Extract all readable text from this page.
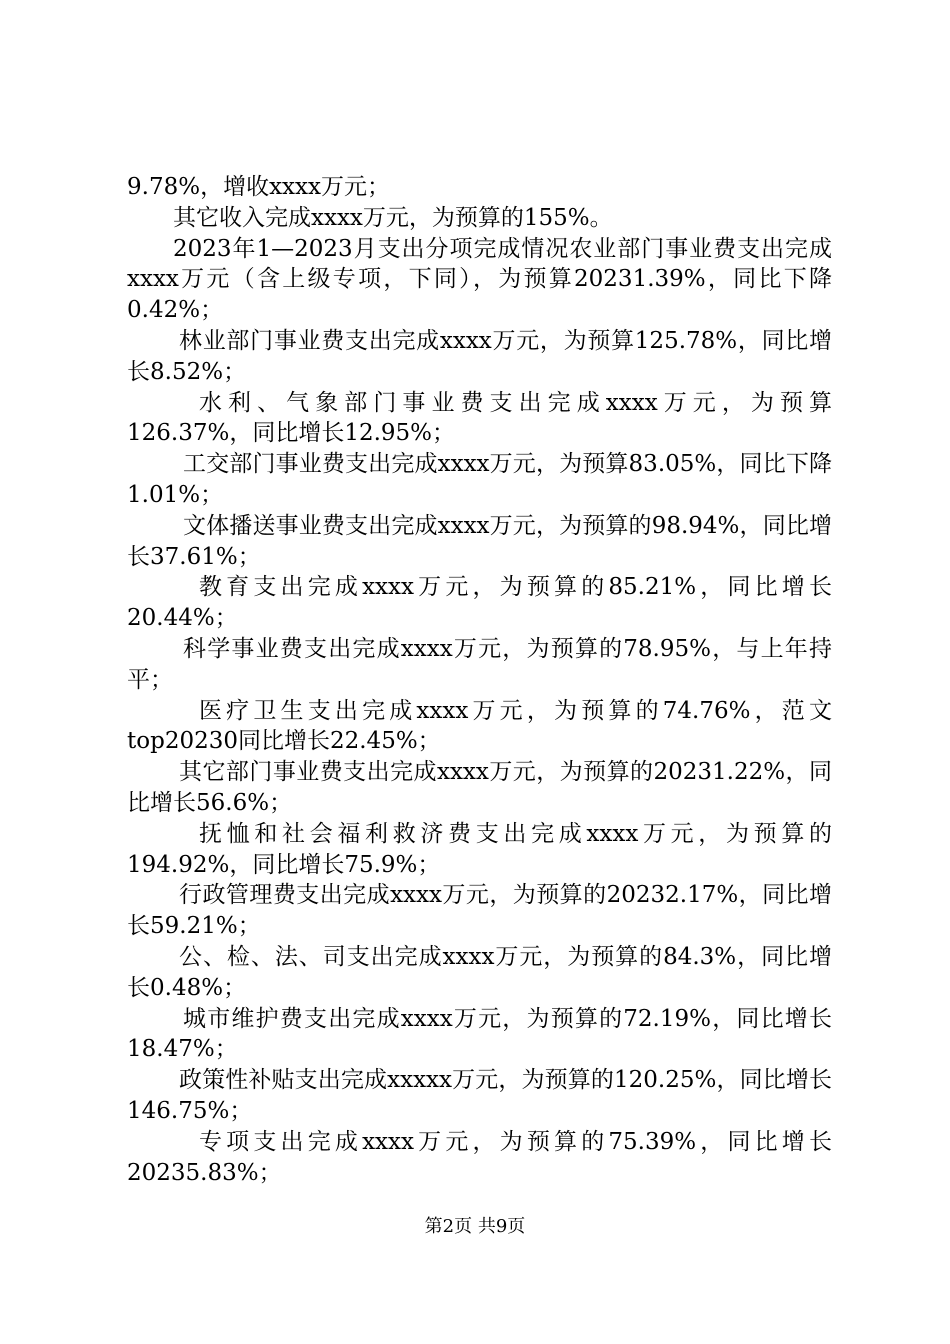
9.78%，增收xxxx万元；

其它收入完成xxxx万元，为预算的155%。

2023年1—2023月支出分项完成情况农业部门事业费支出完成xxxx万元（含上级专项，下同），为预算20231.39%，同比下降0.42%；

林业部门事业费支出完成xxxx万元，为预算125.78%，同比增长8.52%；

水利、气象部门事业费支出完成xxxx万元，为预算126.37%，同比增长12.95%；

工交部门事业费支出完成xxxx万元，为预算83.05%，同比下降1.01%；

文体播送事业费支出完成xxxx万元，为预算的98.94%，同比增长37.61%；

教育支出完成xxxx万元，为预算的85.21%，同比增长20.44%；

科学事业费支出完成xxxx万元，为预算的78.95%，与上年持平；

医疗卫生支出完成xxxx万元，为预算的74.76%，范文top20230同比增长22.45%；

其它部门事业费支出完成xxxx万元，为预算的20231.22%，同比增长56.6%；

抚恤和社会福利救济费支出完成xxxx万元，为预算的194.92%，同比增长75.9%；

行政管理费支出完成xxxx万元，为预算的20232.17%，同比增长59.21%；

公、检、法、司支出完成xxxx万元，为预算的84.3%，同比增长0.48%；

城市维护费支出完成xxxx万元，为预算的72.19%，同比增长18.47%；

政策性补贴支出完成xxxxx万元，为预算的120.25%，同比增长146.75%；

专项支出完成xxxx万元，为预算的75.39%，同比增长20235.83%；

第2页 共9页
